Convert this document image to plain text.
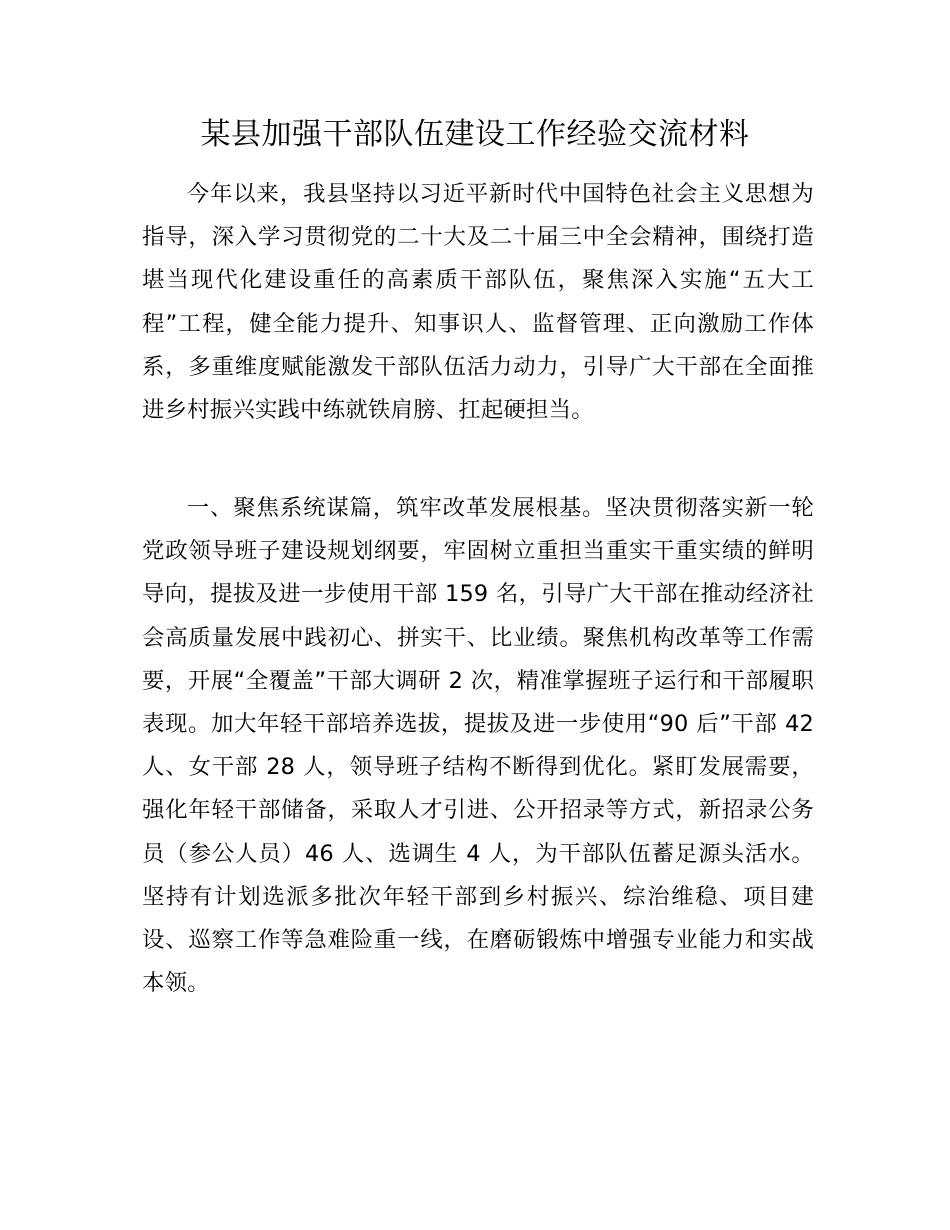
某县加强干部队伍建设工作经验交流材料

今年以来，我县坚持以习近平新时代中国特色社会主义思想为指导，深入学习贯彻党的二十大及二十届三中全会精神，围绕打造堪当现代化建设重任的高素质干部队伍，聚焦深入实施“五大工程”工程，健全能力提升、知事识人、监督管理、正向激励工作体系，多重维度赋能激发干部队伍活力动力，引导广大干部在全面推进乡村振兴实践中练就铁肩膀、扛起硬担当。

一、聚焦系统谋篇，筑牢改革发展根基。坚决贯彻落实新一轮党政领导班子建设规划纲要，牢固树立重担当重实干重实绩的鲜明导向，提拔及进一步使用干部 159 名，引导广大干部在推动经济社会高质量发展中践初心、拼实干、比业绩。聚焦机构改革等工作需要，开展“全覆盖”干部大调研 2 次，精准掌握班子运行和干部履职表现。加大年轻干部培养选拔，提拔及进一步使用“90 后”干部 42 人、女干部 28 人，领导班子结构不断得到优化。紧盯发展需要，强化年轻干部储备，采取人才引进、公开招录等方式，新招录公务员（参公人员）46 人、选调生 4 人，为干部队伍蓄足源头活水。坚持有计划选派多批次年轻干部到乡村振兴、综治维稳、项目建设、巡察工作等急难险重一线，在磨砺锻炼中增强专业能力和实战本领。
